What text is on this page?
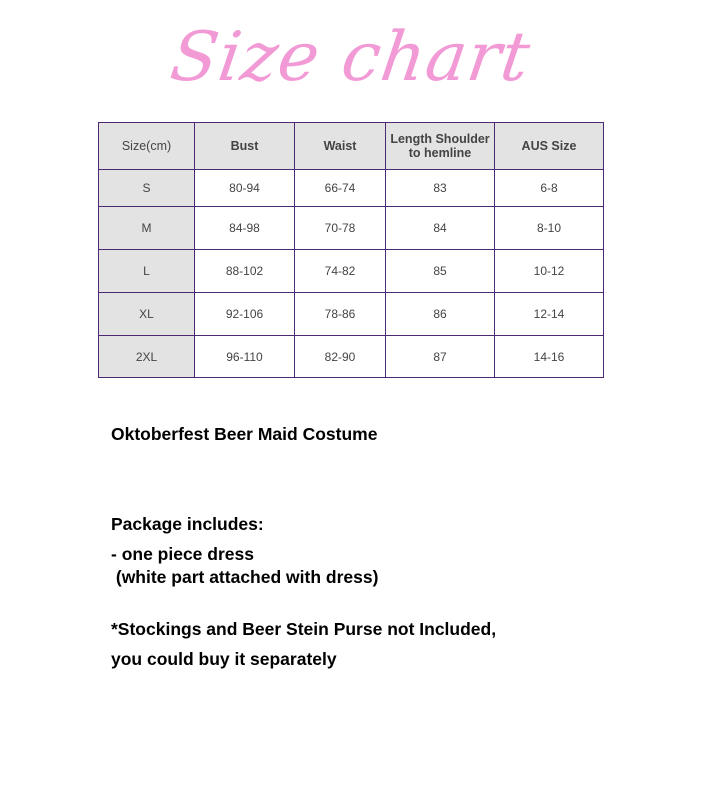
Size chart
Size(cm)	Bust	Waist	Length Shoulder to hemline	AUS Size
S	80-94	66-74	83	6-8
M	84-98	70-78	84	8-10
L	88-102	74-82	85	10-12
XL	92-106	78-86	86	12-14
2XL	96-110	82-90	87	14-16
Oktoberfest Beer Maid Costume
Package includes:
- one piece dress
(white part attached with dress)
*Stockings and Beer Stein Purse not Included,
you could buy it separately
